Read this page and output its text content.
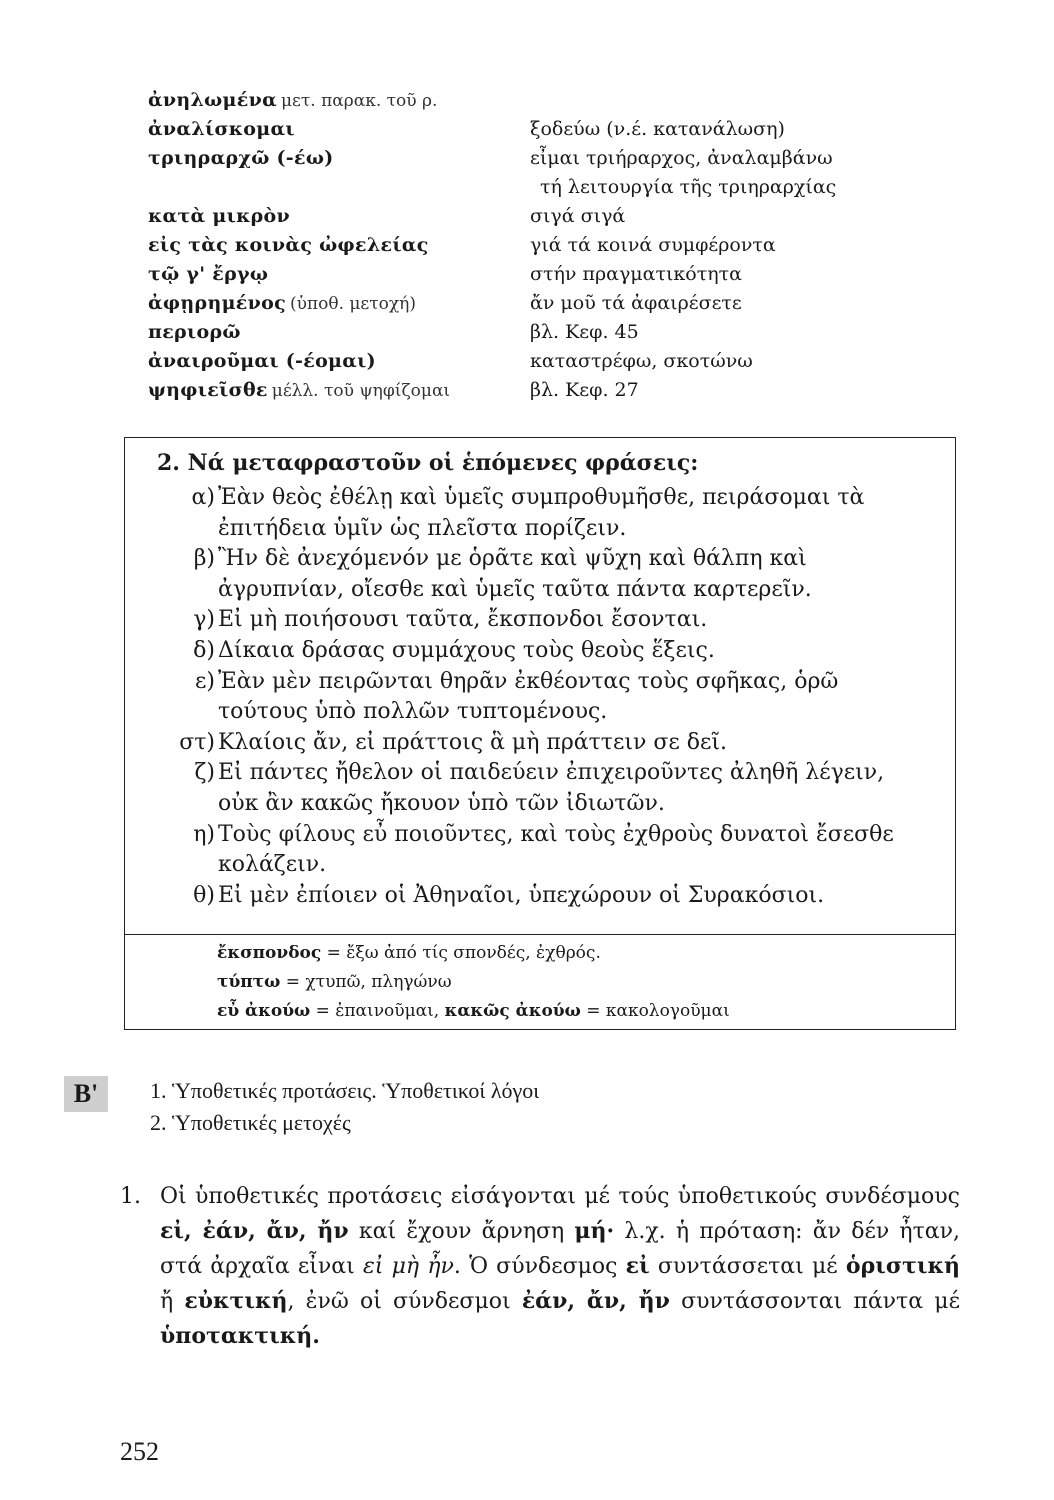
ἀνηλωμένα μετ. παρακ. τοῦ ρ.
ἀναλίσκομαι	ξοδεύω (ν.έ. κατανάλωση)
τριηραρχῶ (-έω)	εἶμαι τριήραρχος, ἀναλαμβάνω
τή λειτουργία τῆς τριηραρχίας
κατὰ μικρὸν	σιγά σιγά
εἰς τὰς κοινὰς ὠφελείας	γιά τά κοινά συμφέροντα
τῷ γ' ἔργῳ	στήν πραγματικότητα
ἀφῃρημένος (ὑποθ. μετοχή)	ἄν μοῦ τά ἀφαιρέσετε
περιορῶ	βλ. Κεφ. 45
ἀναιροῦμαι (-έομαι)	καταστρέφω, σκοτώνω
ψηφιεῖσθε μέλλ. τοῦ ψηφίζομαι	βλ. Κεφ. 27
2. Νά μεταφραστοῦν οἱ ἑπόμενες φράσεις:
α) Ἐὰν θεὸς ἐθέλῃ καὶ ὑμεῖς συμπροθυμῆσθε, πειράσομαι τὰ ἐπιτήδεια ὑμῖν ὡς πλεῖστα πορίζειν.
β) Ἢν δὲ ἀνεχόμενόν με ὁρᾶτε καὶ ψῦχη καὶ θάλπη καὶ ἀγρυπνίαν, οἴεσθε καὶ ὑμεῖς ταῦτα πάντα καρτερεῖν.
γ) Εἰ μὴ ποιήσουσι ταῦτα, ἔκσπονδοι ἔσονται.
δ) Δίκαια δράσας συμμάχους τοὺς θεοὺς ἕξεις.
ε) Ἐὰν μὲν πειρῶνται θηρᾶν ἐκθέοντας τοὺς σφῆκας, ὁρῶ τούτους ὑπὸ πολλῶν τυπτομένους.
στ) Κλαίοις ἄν, εἰ πράττοις ἃ μὴ πράττειν σε δεῖ.
ζ) Εἰ πάντες ἤθελον οἱ παιδεύειν ἐπιχειροῦντες ἀληθῆ λέγειν, οὐκ ἂν κακῶς ἤκουον ὑπὸ τῶν ἰδιωτῶν.
η) Τοὺς φίλους εὖ ποιοῦντες, καὶ τοὺς ἐχθροὺς δυνατοὶ ἔσεσθε κολάζειν.
θ) Εἰ μὲν ἐπίοιεν οἱ Ἀθηναῖοι, ὑπεχώρουν οἱ Συρακόσιοι.
ἔκσπονδος = ἔξω ἀπό τίς σπονδές, ἐχθρός.
τύπτω = χτυπῶ, πληγώνω
εὖ ἀκούω = ἐπαινοῦμαι, κακῶς ἀκούω = κακολογοῦμαι
B'	1. Ὑποθετικές προτάσεις. Ὑποθετικοί λόγοι
2. Ὑποθετικές μετοχές
1. Οἱ ὑποθετικές προτάσεις εἰσάγονται μέ τούς ὑποθετικούς συνδέσμους εἰ, ἐάν, ἄν, ἤν καί ἔχουν ἄρνηση μή· λ.χ. ἡ πρόταση: ἄν δέν ἦταν, στά ἀρχαῖα εἶναι εἰ μὴ ἦν. Ὁ σύνδεσμος εἰ συντάσσεται μέ ὁριστική ἤ εὐκτική, ἐνῶ οἱ σύνδεσμοι ἐάν, ἄν, ἤν συντάσσονται πάντα μέ ὑποτακτική.
252
